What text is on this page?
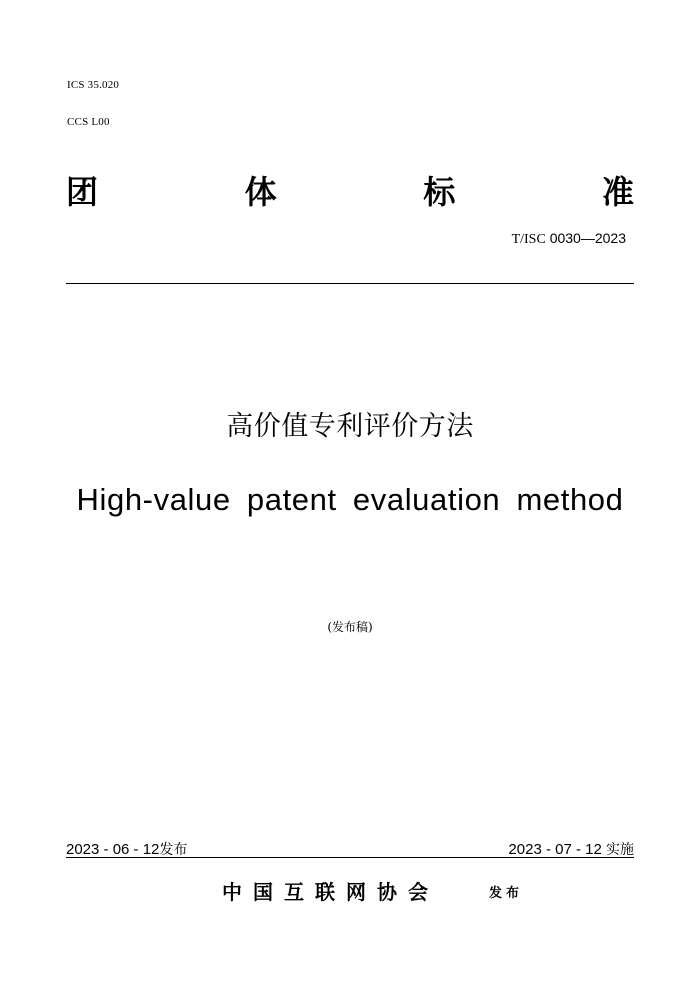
ICS 35.020
CCS L00
团	体	标	准
T/ISC 0030—2023
高价值专利评价方法
High-value patent evaluation method
(发布稿)
2023 - 06 - 12发布	2023 - 07 - 12 实施
中国互联网协会	发布
